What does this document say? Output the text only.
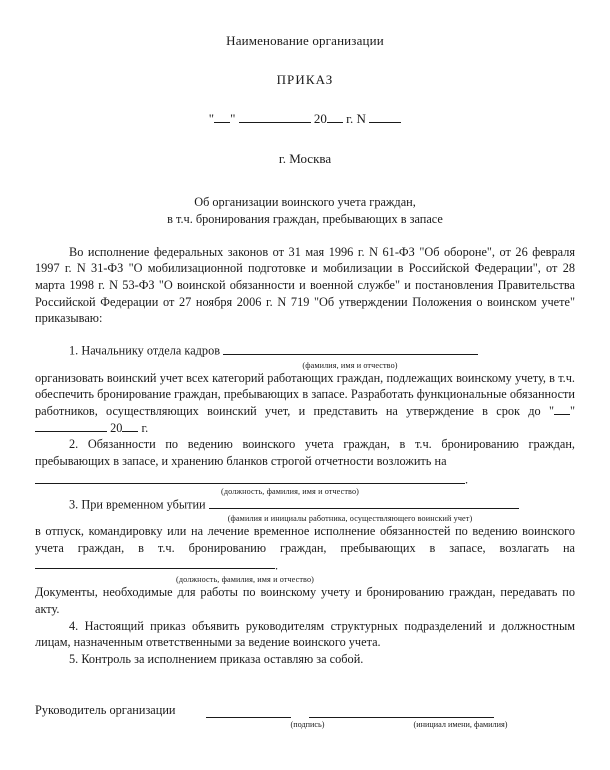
Наименование организации
ПРИКАЗ
" "	20 г. N
г. Москва
Об организации воинского учета граждан,
в т.ч. бронирования граждан, пребывающих в запасе
Во исполнение федеральных законов от 31 мая 1996 г. N 61-ФЗ "Об обороне", от 26 февраля 1997 г. N 31-ФЗ "О мобилизационной подготовке и мобилизации в Российской Федерации", от 28 марта 1998 г. N 53-ФЗ "О воинской обязанности и военной службе" и постановления Правительства Российской Федерации от 27 ноября 2006 г. N 719 "Об утверждении Положения о воинском учете" приказываю:
1. Начальнику отдела кадров
(фамилия, имя и отчество)
организовать воинский учет всех категорий работающих граждан, подлежащих воинскому учету, в т.ч. обеспечить бронирование граждан, пребывающих в запасе. Разработать функциональные обязанности работников, осуществляющих воинский учет, и представить на утверждение в срок до " "  20 г.
2. Обязанности по ведению воинского учета граждан, в т.ч. бронированию граждан, пребывающих в запасе, и хранению бланков строгой отчетности возложить на
.
(должность, фамилия, имя и отчество)
3. При временном убытии
(фамилия и инициалы работника, осуществляющего воинский учет)
в отпуск, командировку или на лечение временное исполнение обязанностей по ведению воинского учета граждан, в т.ч. бронированию граждан, пребывающих в запасе, возлагать на .
(должность, фамилия, имя и отчество)
Документы, необходимые для работы по воинскому учету и бронированию граждан, передавать по акту.
4. Настоящий приказ объявить руководителям структурных подразделений и должностным лицам, назначенным ответственными за ведение воинского учета.
5. Контроль за исполнением приказа оставляю за собой.
Руководитель организации
(подпись)	(инициал имени, фамилия)
